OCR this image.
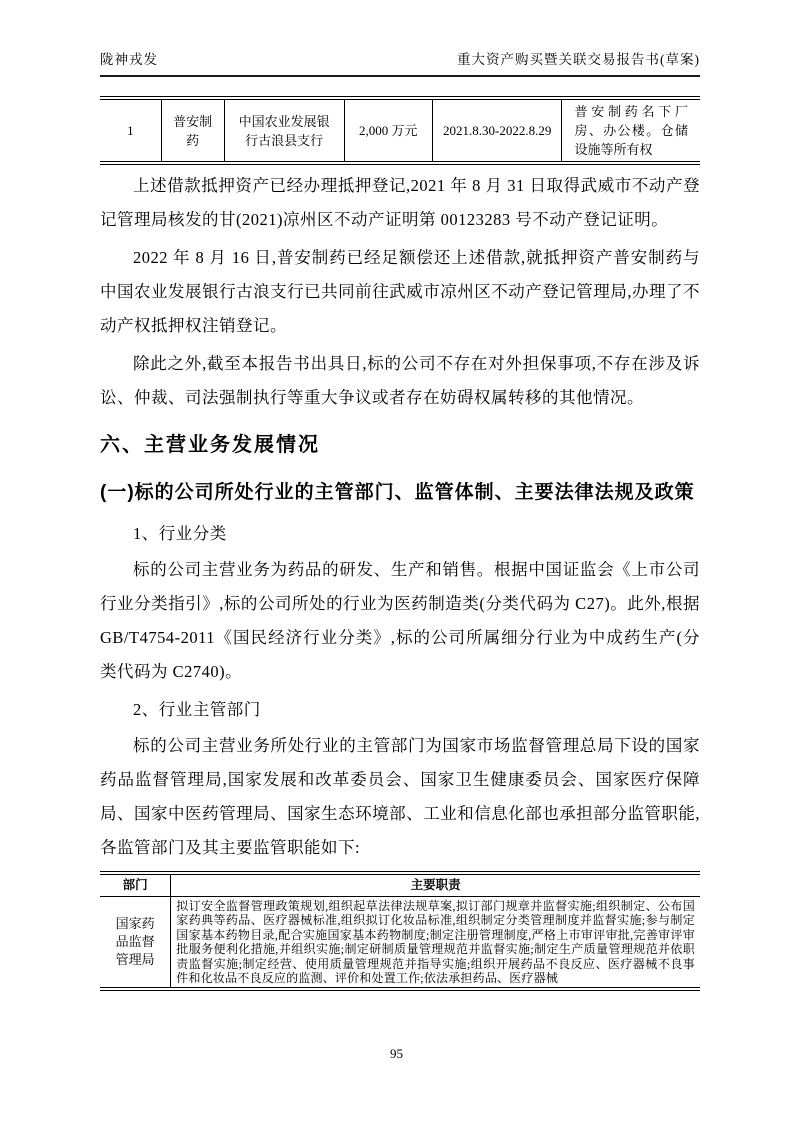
陇神戎发	重大资产购买暨关联交易报告书(草案)
1	普安制药	中国农业发展银行古浪县支行	2,000 万元	2021.8.30-2022.8.29	普安制药名下厂房、办公楼。仓储设施等所有权

上述借款抵押资产已经办理抵押登记,2021 年 8 月 31 日取得武威市不动产登记管理局核发的甘(2021)凉州区不动产证明第 00123283 号不动产登记证明。

2022 年 8 月 16 日,普安制药已经足额偿还上述借款,就抵押资产普安制药与中国农业发展银行古浪支行已共同前往武威市凉州区不动产登记管理局,办理了不动产权抵押权注销登记。

除此之外,截至本报告书出具日,标的公司不存在对外担保事项,不存在涉及诉讼、仲裁、司法强制执行等重大争议或者存在妨碍权属转移的其他情况。

六、主营业务发展情况
(一)标的公司所处行业的主管部门、监管体制、主要法律法规及政策

1、行业分类

标的公司主营业务为药品的研发、生产和销售。根据中国证监会《上市公司行业分类指引》,标的公司所处的行业为医药制造类(分类代码为 C27)。此外,根据 GB/T4754-2011《国民经济行业分类》,标的公司所属细分行业为中成药生产(分类代码为 C2740)。

2、行业主管部门

标的公司主营业务所处行业的主管部门为国家市场监督管理总局下设的国家药品监督管理局,国家发展和改革委员会、国家卫生健康委员会、国家医疗保障局、国家中医药管理局、国家生态环境部、工业和信息化部也承担部分监管职能,各监管部门及其主要监管职能如下:

部门	主要职责
国家药品监督管理局	拟订安全监督管理政策规划,组织起草法律法规草案,拟订部门规章并监督实施;组织制定、公布国家药典等药品、医疗器械标准,组织拟订化妆品标准,组织制定分类管理制度并监督实施;参与制定国家基本药物目录,配合实施国家基本药物制度;制定注册管理制度,严格上市审评审批,完善审评审批服务便利化措施,并组织实施;制定研制质量管理规范并监督实施;制定生产质量管理规范并依职责监督实施;制定经营、使用质量管理规范并指导实施;组织开展药品不良反应、医疗器械不良事件和化妆品不良反应的监测、评价和处置工作;依法承担药品、医疗器械
95
